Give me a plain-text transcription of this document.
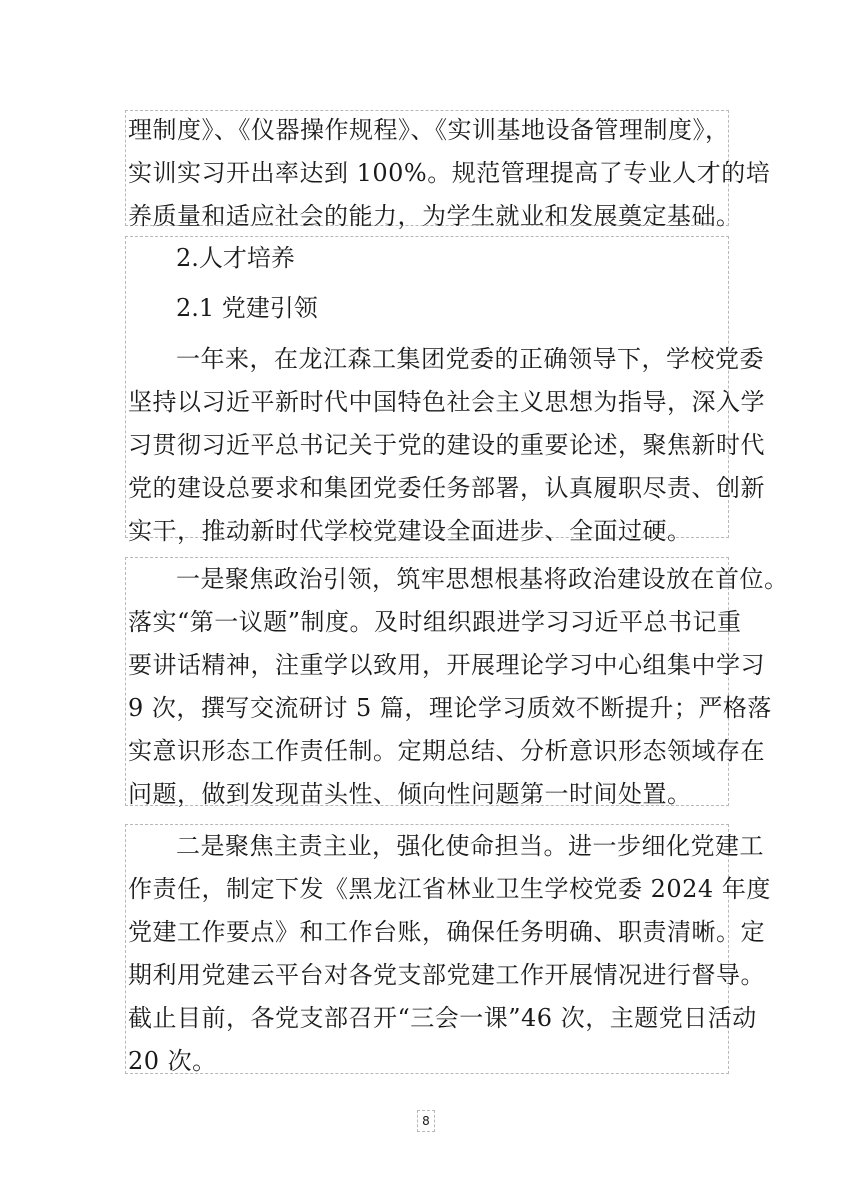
理制度》、《仪器操作规程》、《实训基地设备管理制度》，
实训实习开出率达到 100%。规范管理提高了专业人才的培
养质量和适应社会的能力，为学生就业和发展奠定基础。
2.人才培养
2.1 党建引领
一年来，在龙江森工集团党委的正确领导下，学校党委
坚持以习近平新时代中国特色社会主义思想为指导，深入学
习贯彻习近平总书记关于党的建设的重要论述，聚焦新时代
党的建设总要求和集团党委任务部署，认真履职尽责、创新
实干，推动新时代学校党建设全面进步、全面过硬。
一是聚焦政治引领，筑牢思想根基将政治建设放在首位。
落实“第一议题”制度。及时组织跟进学习习近平总书记重
要讲话精神，注重学以致用，开展理论学习中心组集中学习
9 次，撰写交流研讨 5 篇，理论学习质效不断提升；严格落
实意识形态工作责任制。定期总结、分析意识形态领域存在
问题，做到发现苗头性、倾向性问题第一时间处置。
二是聚焦主责主业，强化使命担当。进一步细化党建工
作责任，制定下发《黑龙江省林业卫生学校党委 2024 年度
党建工作要点》和工作台账，确保任务明确、职责清晰。定
期利用党建云平台对各党支部党建工作开展情况进行督导。
截止目前，各党支部召开“三会一课”46 次，主题党日活动
20 次。
8
